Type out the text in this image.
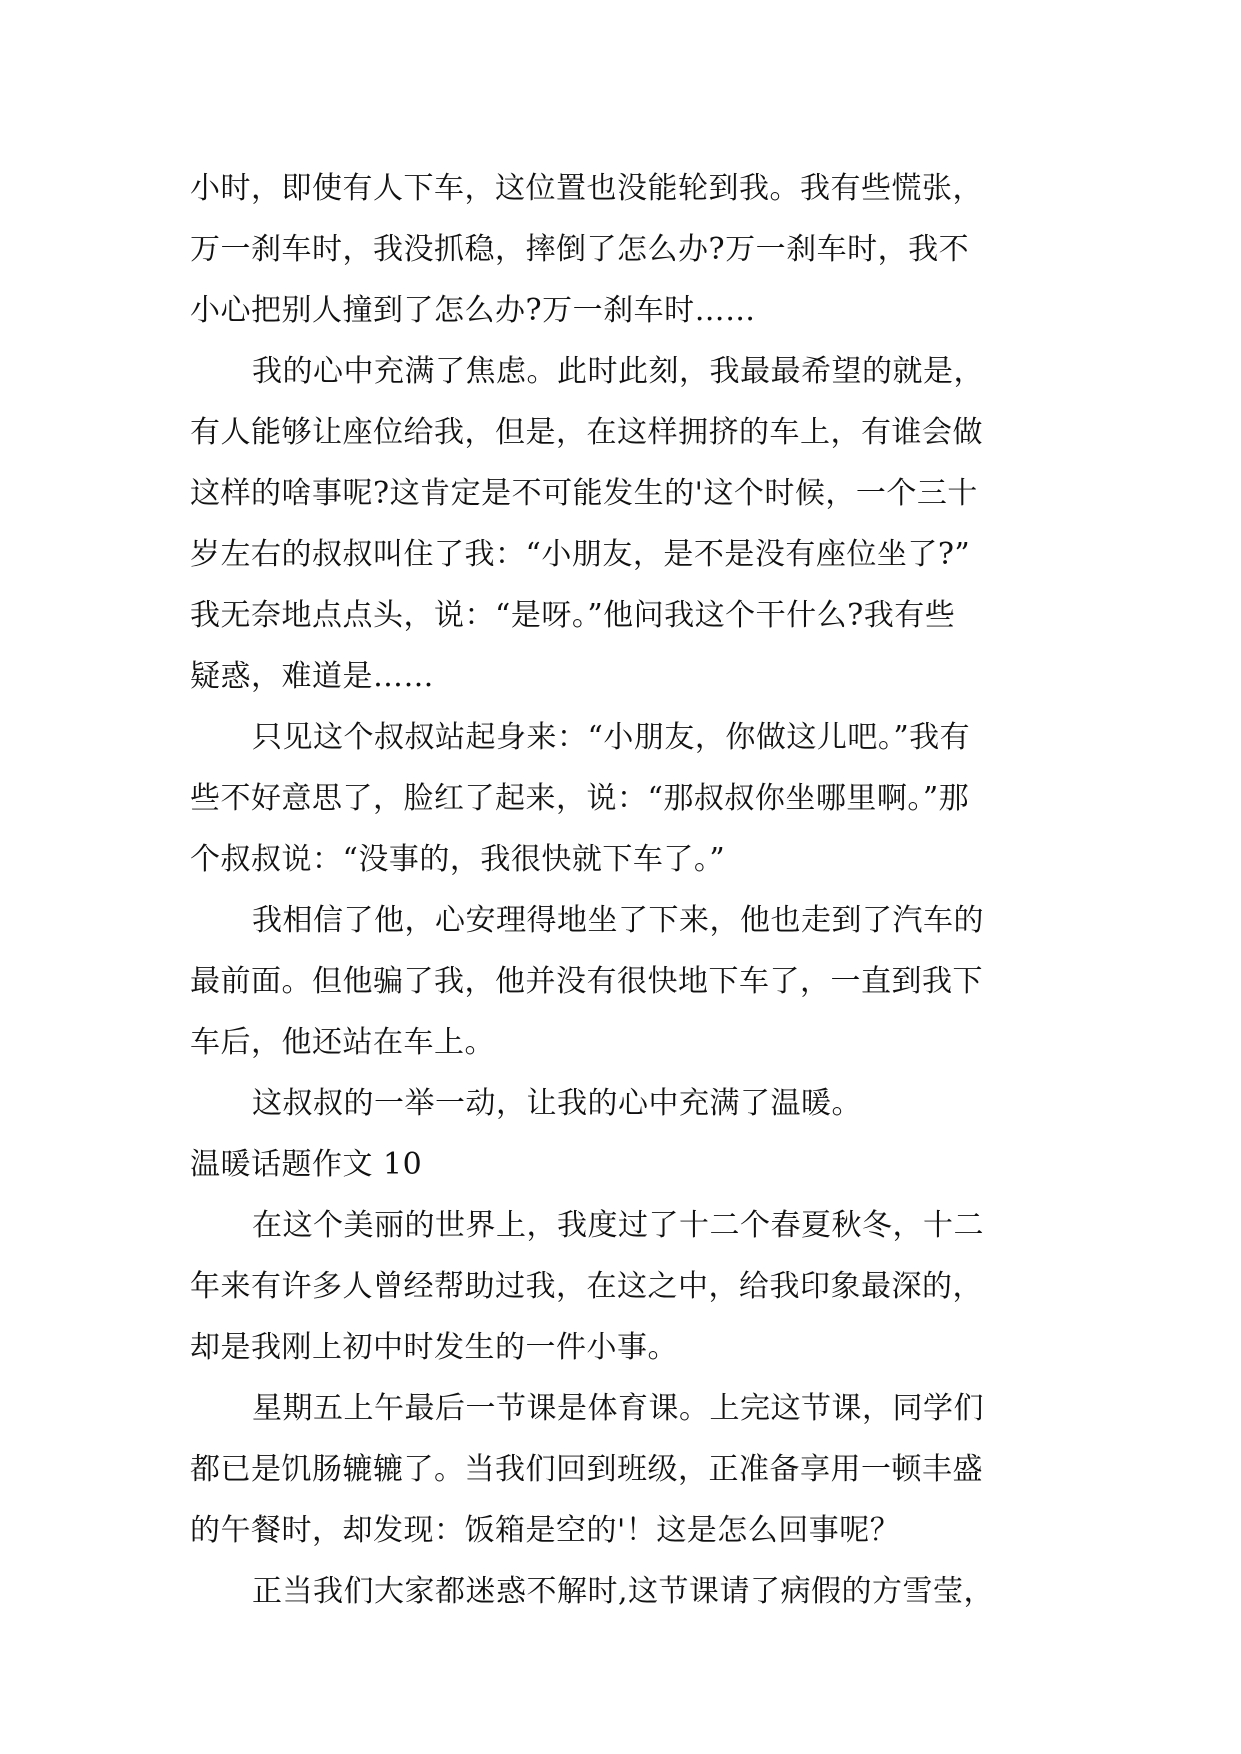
小时，即使有人下车，这位置也没能轮到我。我有些慌张，
万一刹车时，我没抓稳，摔倒了怎么办?万一刹车时，我不
小心把别人撞到了怎么办?万一刹车时……
我的心中充满了焦虑。此时此刻，我最最希望的就是，
有人能够让座位给我，但是，在这样拥挤的车上，有谁会做
这样的啥事呢?这肯定是不可能发生的'这个时候，一个三十
岁左右的叔叔叫住了我：“小朋友，是不是没有座位坐了?”
我无奈地点点头，说：“是呀。”他问我这个干什么?我有些
疑惑，难道是……
只见这个叔叔站起身来：“小朋友，你做这儿吧。”我有
些不好意思了，脸红了起来，说：“那叔叔你坐哪里啊。”那
个叔叔说：“没事的，我很快就下车了。”
我相信了他，心安理得地坐了下来，他也走到了汽车的
最前面。但他骗了我，他并没有很快地下车了，一直到我下
车后，他还站在车上。
这叔叔的一举一动，让我的心中充满了温暖。
温暖话题作文 10
在这个美丽的世界上，我度过了十二个春夏秋冬，十二
年来有许多人曾经帮助过我，在这之中，给我印象最深的，
却是我刚上初中时发生的一件小事。
星期五上午最后一节课是体育课。上完这节课，同学们
都已是饥肠辘辘了。当我们回到班级，正准备享用一顿丰盛
的午餐时，却发现：饭箱是空的'！这是怎么回事呢？
正当我们大家都迷惑不解时,这节课请了病假的方雪莹，
